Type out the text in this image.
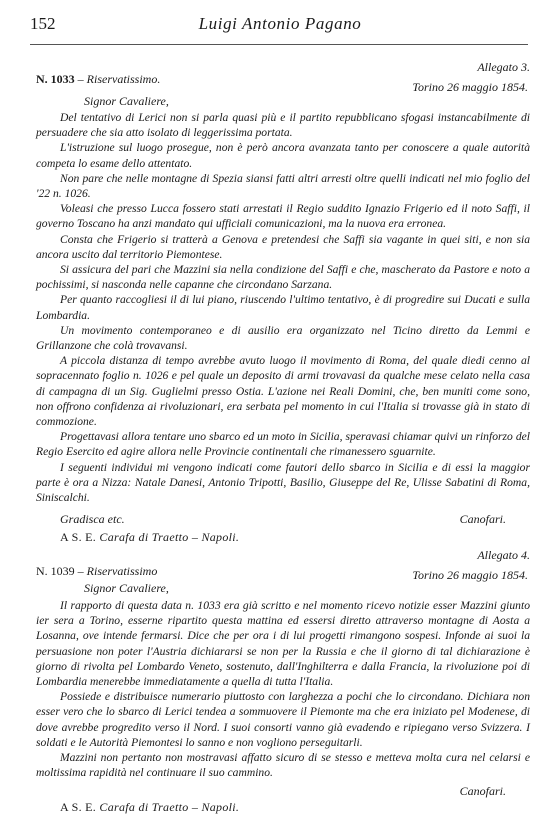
152	Luigi Antonio Pagano
Allegato 3.
N. 1033 – Riservatissimo.
Torino 26 maggio 1854.
Signor Cavaliere,

Del tentativo di Lerici non si parla quasi più e il partito repubblicano sfogasi instancabilmente di persuadere che sia atto isolato di leggerissima portata.

L'istruzione sul luogo prosegue, non è però ancora avanzata tanto per conoscere a quale autorità competa lo esame dello attentato.

Non pare che nelle montagne di Spezia siansi fatti altri arresti oltre quelli indicati nel mio foglio del '22 n. 1026.

Voleasi che presso Lucca fossero stati arrestati il Regio suddito Ignazio Frigerio ed il noto Saffi, il governo Toscano ha anzi mandato qui ufficiali comunicazioni, ma la nuova era erronea.

Consta che Frigerio si tratterà a Genova e pretendesi che Saffi sia vagante in quei siti, e non sia ancora uscito dal territorio Piemontese.

Si assicura del pari che Mazzini sia nella condizione del Saffi e che, mascherato da Pastore e noto a pochissimi, si nasconda nelle capanne che circondano Sarzana.

Per quanto raccogliesi il di lui piano, riuscendo l'ultimo tentativo, è di progredire sui Ducati e sulla Lombardia.

Un movimento contemporaneo e di ausilio era organizzato nel Ticino diretto da Lemmi e Grillanzone che colà trovavansi.

A piccola distanza di tempo avrebbe avuto luogo il movimento di Roma, del quale diedi cenno al sopracennato foglio n. 1026 e pel quale un deposito di armi trovavasi da qualche mese celato nella casa di campagna di un Sig. Guglielmi presso Ostia. L'azione nei Reali Domini, che, ben muniti come sono, non offrono confidenza ai rivoluzionari, era serbata pel momento in cui l'Italia si trovasse già in stato di commozione.

Progettavasi allora tentare uno sbarco ed un moto in Sicilia, speravasi chiamar quivi un rinforzo del Regio Esercito ed agire allora nelle Provincie continentali che rimanessero sguarnite.

I seguenti individui mi vengono indicati come fautori dello sbarco in Sicilia e di essi la maggior parte è ora a Nizza: Natale Danesi, Antonio Tripotti, Basilio, Giuseppe del Re, Ulisse Sabatini di Roma, Siniscalchi.

Gradisca etc.	Canofari.
A S. E. Carafa di Traetto – Napoli.
Allegato 4.
N. 1039 – Riservatissimo	Torino 26 maggio 1854.
Signor Cavaliere,

Il rapporto di questa data n. 1033 era già scritto e nel momento ricevo notizie esser Mazzini giunto ier sera a Torino, esserne ripartito questa mattina ed essersi diretto attraverso montagne di Aosta a Losanna, ove intende fermarsi. Dice che per ora i di lui progetti rimangono sospesi. Infonde ai suoi la persuasione non poter l'Austria dichiararsi se non per la Russia e che il giorno di tal dichiarazione è giorno di rivolta pel Lombardo Veneto, sostenuto, dall'Inghilterra e dalla Francia, la rivoluzione poi di Lombardia menerebbe immediatamente a quella di tutta l'Italia.

Possiede e distribuisce numerario piuttosto con larghezza a pochi che lo circondano. Dichiara non esser vero che lo sbarco di Lerici tendea a sommuovere il Piemonte ma che era iniziato pel Modenese, di dove avrebbe progredito verso il Nord. I suoi consorti vanno già evadendo e ripiegano verso Svizzera. I soldati e le Autorità Piemontesi lo sanno e non vogliono perseguitarli.

Mazzini non pertanto non mostravasi affatto sicuro di se stesso e metteva molta cura nel celarsi e moltissima rapidità nel continuare il suo cammino.

Canofari.
A S. E. Carafa di Traetto – Napoli.
